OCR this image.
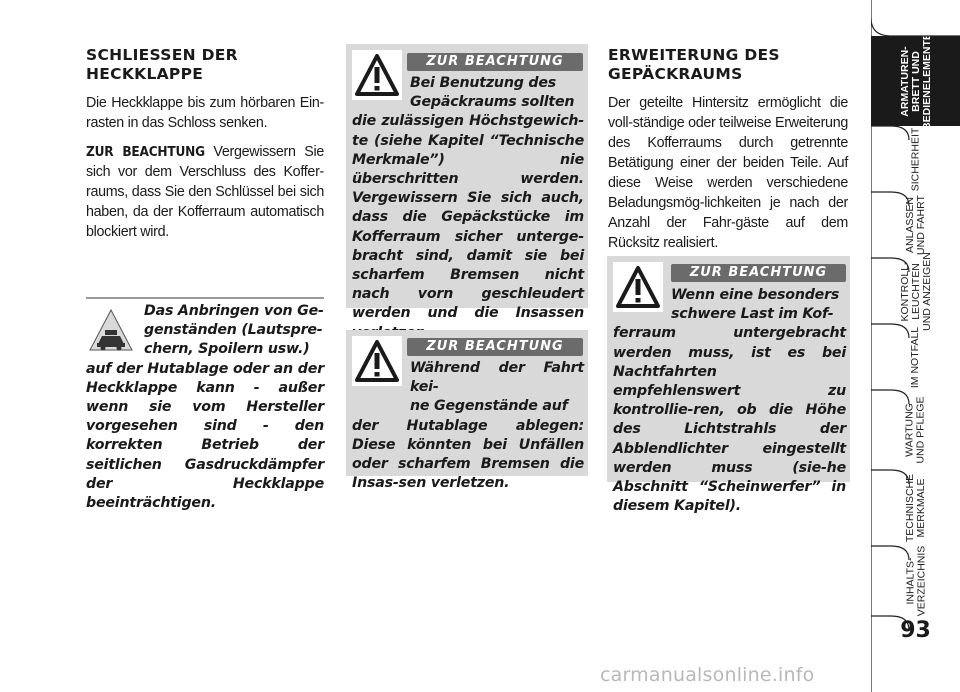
SCHLIESSEN DER
HECKKLAPPE

Die Heckklappe bis zum hörbaren Ein-rasten in das Schloss senken.

ZUR BEACHTUNG Vergewissern Sie sich vor dem Verschluss des Koffer-raums, dass Sie den Schlüssel bei sich haben, da der Kofferraum automatisch blockiert wird.

Das Anbringen von Ge-
genständen (Lautspre-
chern, Spoilern usw.)
auf der Hutablage oder an der Heckklappe kann - außer wenn sie vom Hersteller vorgesehen sind - den korrekten Betrieb der seitlichen Gasdruckdämpfer der Heckklappe beeinträchtigen.
ZUR BEACHTUNG
Bei Benutzung des
Gepäckraums sollten
die zulässigen Höchstgewich-te (siehe Kapitel “Technische Merkmale”) nie überschritten werden. Vergewissern Sie sich auch, dass die Gepäckstücke im Kofferraum sicher unterge-bracht sind, damit sie bei scharfem Bremsen nicht nach vorn geschleudert werden und die Insassen
ZUR BEACHTUNG
Während der Fahrt kei-
ne Gegenstände auf
der Hutablage ablegen: Diese könnten bei Unfällen oder scharfem Bremsen die Insas-sen verletzen.
ERWEITERUNG DES
GEPÄCKRAUMS

Der geteilte Hintersitz ermöglicht die voll-ständige oder teilweise Erweiterung des Kofferraums durch getrennte Betätigung einer der beiden Teile. Auf diese Weise werden verschiedene Beladungsmög-lichkeiten je nach der Anzahl der Fahr-gäste auf dem Rücksitz realisiert.

ZUR BEACHTUNG
Wenn eine besonders
schwere Last im Kof-
ferraum untergebracht werden muss, ist es bei Nachtfahrten empfehlenswert zu kontrollie-ren, ob die Höhe des Lichtstrahls der Abblendlichter eingestellt werden muss (sie-he Abschnitt “Scheinwerfer” in diesem Kapitel).
ARMATUREN-
BRETT UND
BEDIENELEMENTE
SICHERHEIT
ANLASSEN
UND FAHRT
KONTROLL-
LEUCHTEN
UND ANZEIGEN
IM NOTFALL
WARTUNG
UND PFLEGE
TECHNISCHE
MERKMALE
INHALTS-
VERZEICHNIS
93
carmanualsonline.info
